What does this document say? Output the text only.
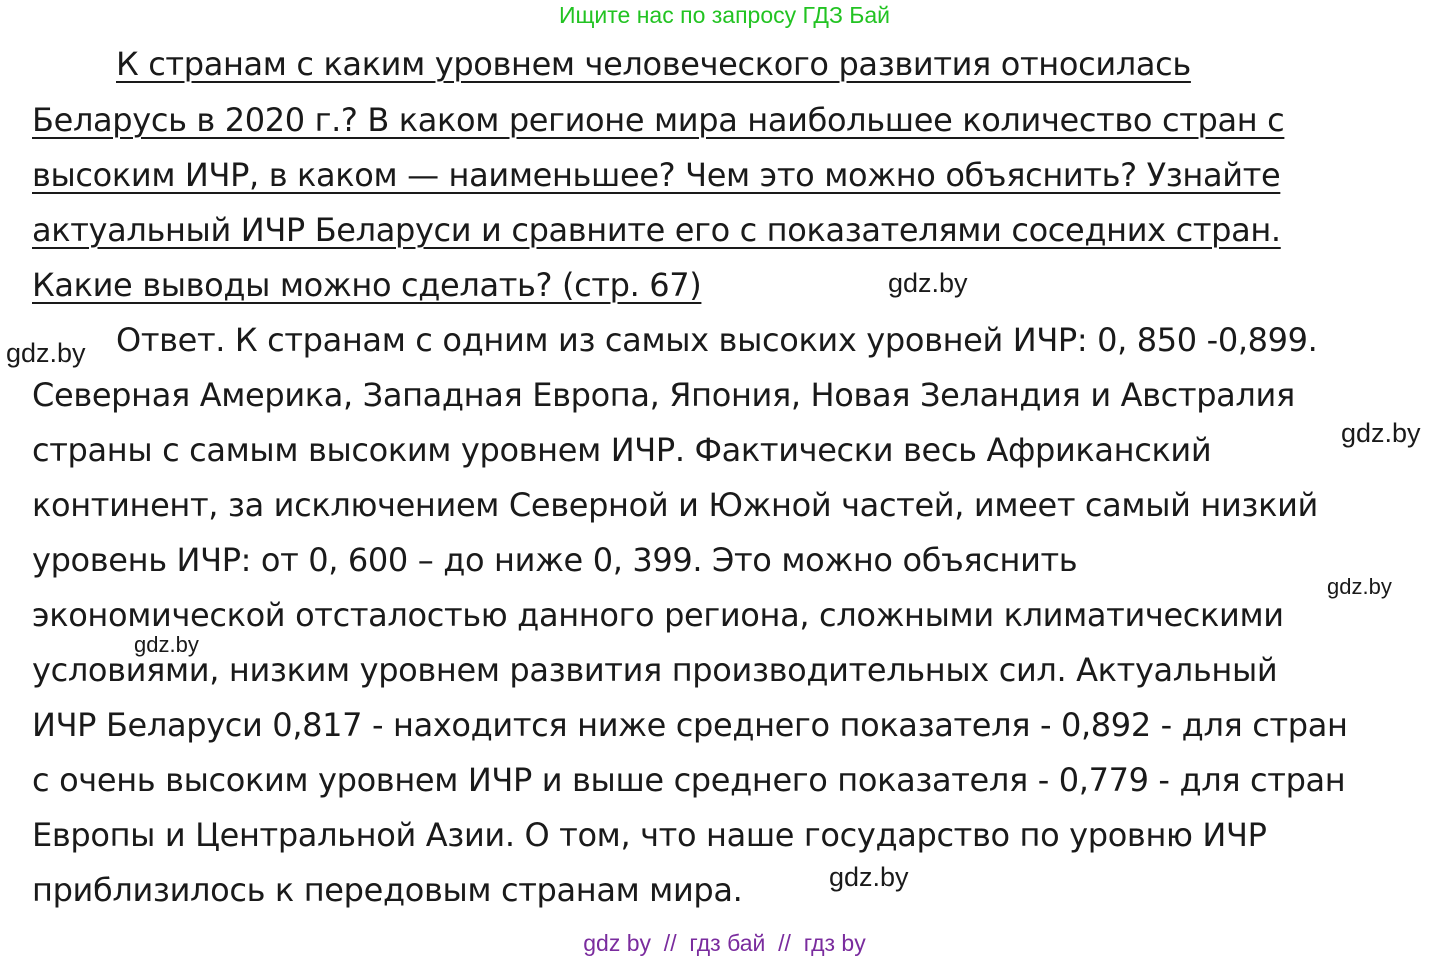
Ищите нас по запросу ГДЗ Бай
К странам с каким уровнем человеческого развития относилась
Беларусь в 2020 г.? В каком регионе мира наибольшее количество стран с
высоким ИЧР, в каком — наименьшее? Чем это можно объяснить? Узнайте
актуальный ИЧР Беларуси и сравните его с показателями соседних стран.
Какие выводы можно сделать? (стр. 67)
Ответ. К странам с одним из самых высоких уровней ИЧР: 0, 850 -0,899.
Северная Америка, Западная Европа, Япония, Новая Зеландия и Австралия
страны с самым высоким уровнем ИЧР. Фактически весь Африканский
континент, за исключением Северной и Южной частей, имеет самый низкий
уровень ИЧР: от 0, 600 – до ниже 0, 399. Это можно объяснить
экономической отсталостью данного региона, сложными климатическими
условиями, низким уровнем развития производительных сил. Актуальный
ИЧР Беларуси 0,817 - находится ниже среднего показателя - 0,892 - для стран
с очень высоким уровнем ИЧР и выше среднего показателя - 0,779 - для стран
Европы и Центральной Азии. О том, что наше государство по уровню ИЧР
приблизилось к передовым странам мира.
gdz.by
gdz.by
gdz.by
gdz.by
gdz.by
gdz.by
gdz by  //  гдз бай  //  гдз by
